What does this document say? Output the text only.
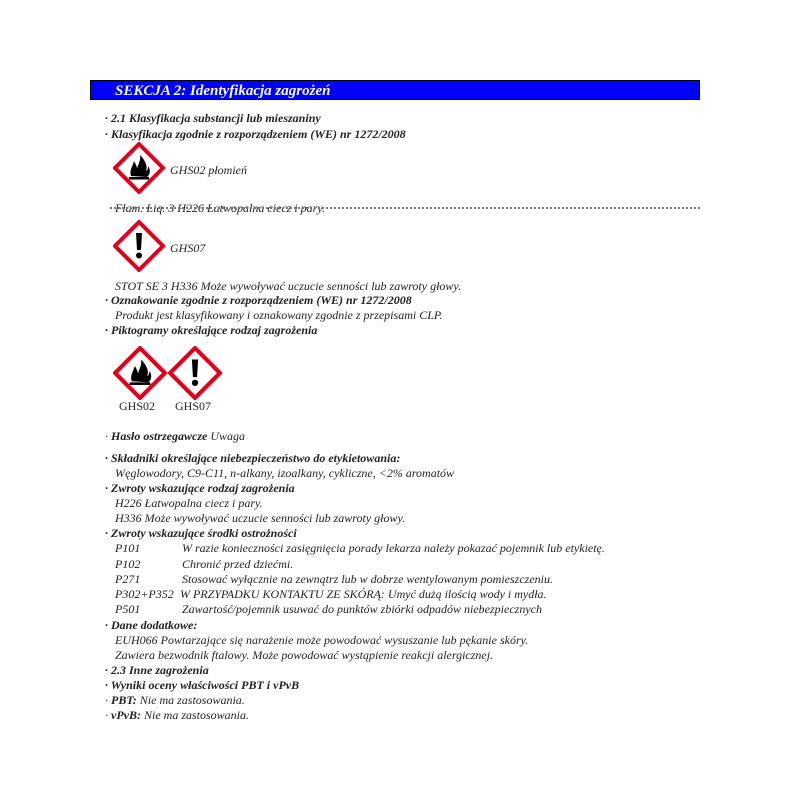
SEKCJA 2: Identyfikacja zagrożeń
· 2.1 Klasyfikacja substancji lub mieszaniny
· Klasyfikacja zgodnie z rozporządzeniem (WE) nr 1272/2008
GHS02 płomień
Flam. Liq. 3 H226 Łatwopalna ciecz i pary.
GHS07
STOT SE 3 H336 Może wywoływać uczucie senności lub zawroty głowy.
· Oznakowanie zgodnie z rozporządzeniem (WE) nr 1272/2008
Produkt jest klasyfikowany i oznakowany zgodnie z przepisami CLP.
· Piktogramy określające rodzaj zagrożenia
GHS02 GHS07
· Hasło ostrzegawcze Uwaga
· Składniki określające niebezpieczeństwo do etykietowania:
Węglowodory, C9-C11, n-alkany, izoalkany, cykliczne, <2% aromatów
· Zwroty wskazujące rodzaj zagrożenia
H226 Łatwopalna ciecz i pary.
H336 Może wywoływać uczucie senności lub zawroty głowy.
· Zwroty wskazujące środki ostrożności
P101	W razie konieczności zasięgnięcia porady lekarza należy pokazać pojemnik lub etykietę.
P102	Chronić przed dziećmi.
P271	Stosować wyłącznie na zewnątrz lub w dobrze wentylowanym pomieszczeniu.
P302+P352 W PRZYPADKU KONTAKTU ZE SKÓRĄ: Umyć dużą ilością wody i mydła.
P501	Zawartość/pojemnik usuwać do punktów zbiórki odpadów niebezpiecznych
· Dane dodatkowe:
EUH066 Powtarzające się narażenie może powodować wysuszanie lub pękanie skóry.
Zawiera bezwodnik ftalowy. Może powodować wystąpienie reakcji alergicznej.
· 2.3 Inne zagrożenia
· Wyniki oceny właściwości PBT i vPvB
· PBT: Nie ma zastosowania.
· vPvB: Nie ma zastosowania.
